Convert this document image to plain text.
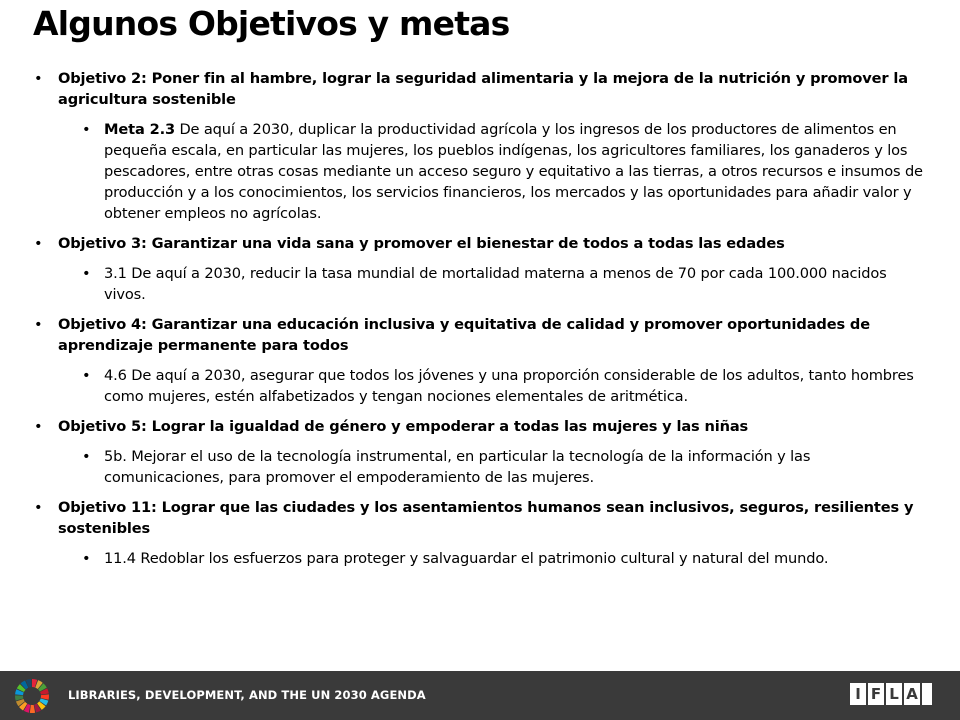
Algunos Objetivos y metas
• Objetivo 2: Poner fin al hambre, lograr la seguridad alimentaria y la mejora de la nutrición y promover la agricultura sostenible
• Meta 2.3 De aquí a 2030, duplicar la productividad agrícola y los ingresos de los productores de alimentos en pequeña escala, en particular las mujeres, los pueblos indígenas, los agricultores familiares, los ganaderos y los pescadores, entre otras cosas mediante un acceso seguro y equitativo a las tierras, a otros recursos e insumos de producción y a los conocimientos, los servicios financieros, los mercados y las oportunidades para añadir valor y obtener empleos no agrícolas.
• Objetivo 3: Garantizar una vida sana y promover el bienestar de todos a todas las edades
• 3.1 De aquí a 2030, reducir la tasa mundial de mortalidad materna a menos de 70 por cada 100.000 nacidos vivos.
• Objetivo 4: Garantizar una educación inclusiva y equitativa de calidad y promover oportunidades de aprendizaje permanente para todos
• 4.6 De aquí a 2030, asegurar que todos los jóvenes y una proporción considerable de los adultos, tanto hombres como mujeres, estén alfabetizados y tengan nociones elementales de aritmética.
• Objetivo 5: Lograr la igualdad de género y empoderar a todas las mujeres y las niñas
• 5b. Mejorar el uso de la tecnología instrumental, en particular la tecnología de la información y las comunicaciones, para promover el empoderamiento de las mujeres.
• Objetivo 11: Lograr que las ciudades y los asentamientos humanos sean inclusivos, seguros, resilientes y sostenibles
• 11.4 Redoblar los esfuerzos para proteger y salvaguardar el patrimonio cultural y natural del mundo.
LIBRARIES, DEVELOPMENT, AND THE UN 2030 AGENDA	I F L A
